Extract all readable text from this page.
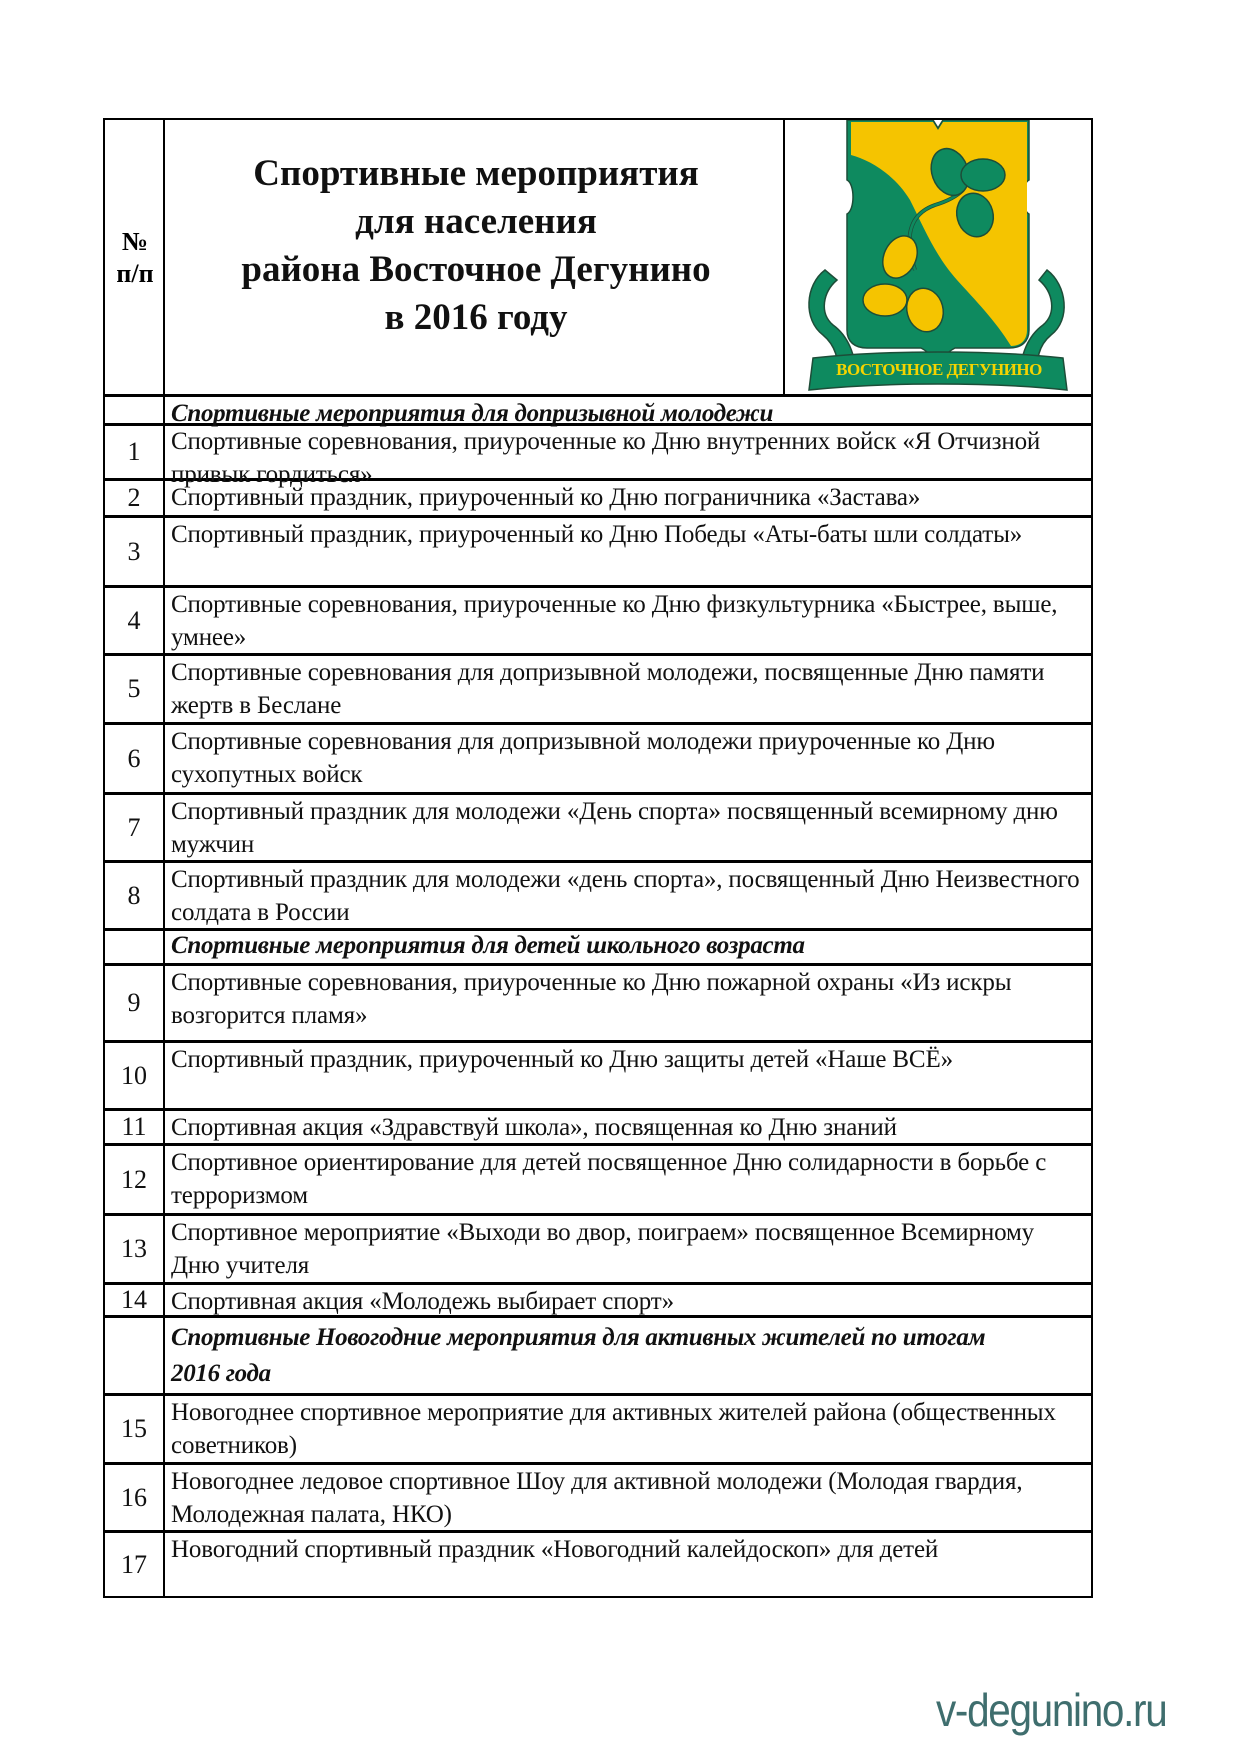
№
п/п
Спортивные мероприятия
для населения
района Восточное Дегунино
в 2016 году
ВОСТОЧНОЕ ДЕГУНИНО
Спортивные мероприятия для допризывной молодежи
1	Спортивные соревнования, приуроченные ко Дню внутренних войск «Я Отчизной привык гордиться»
2	Спортивный праздник, приуроченный ко Дню пограничника «Застава»
3
Спортивный праздник, приуроченный ко Дню Победы «Аты-баты шли солдаты»
4
Спортивные соревнования, приуроченные ко Дню физкультурника «Быстрее, выше, умнее»
5
Спортивные соревнования для допризывной молодежи, посвященные Дню памяти жертв в Беслане
6
Спортивные соревнования для допризывной молодежи приуроченные ко Дню сухопутных войск
7
Спортивный праздник для молодежи «День спорта» посвященный всемирному дню мужчин
8
Спортивный праздник для молодежи «день спорта», посвященный Дню Неизвестного солдата в России
Спортивные мероприятия для детей школьного возраста
9
Спортивные соревнования, приуроченные ко Дню пожарной охраны «Из искры возгорится пламя»
10
Спортивный праздник, приуроченный ко Дню защиты детей «Наше ВСЁ»
11 Спортивная акция «Здравствуй школа», посвященная ко Дню знаний
12
Спортивное ориентирование для детей посвященное Дню солидарности в борьбе с терроризмом
13
Спортивное мероприятие «Выходи во двор, поиграем» посвященное Всемирному Дню учителя
14 Спортивная акция «Молодежь выбирает спорт»
Спортивные Новогодние мероприятия для активных жителей по итогам 2016 года
15
Новогоднее спортивное мероприятие для активных жителей района (общественных советников)
16
Новогоднее ледовое спортивное Шоу для активной молодежи (Молодая гвардия, Молодежная палата, НКО)
17 Новогодний спортивный праздник «Новогодний калейдоскоп» для детей
v-degunino.ru
